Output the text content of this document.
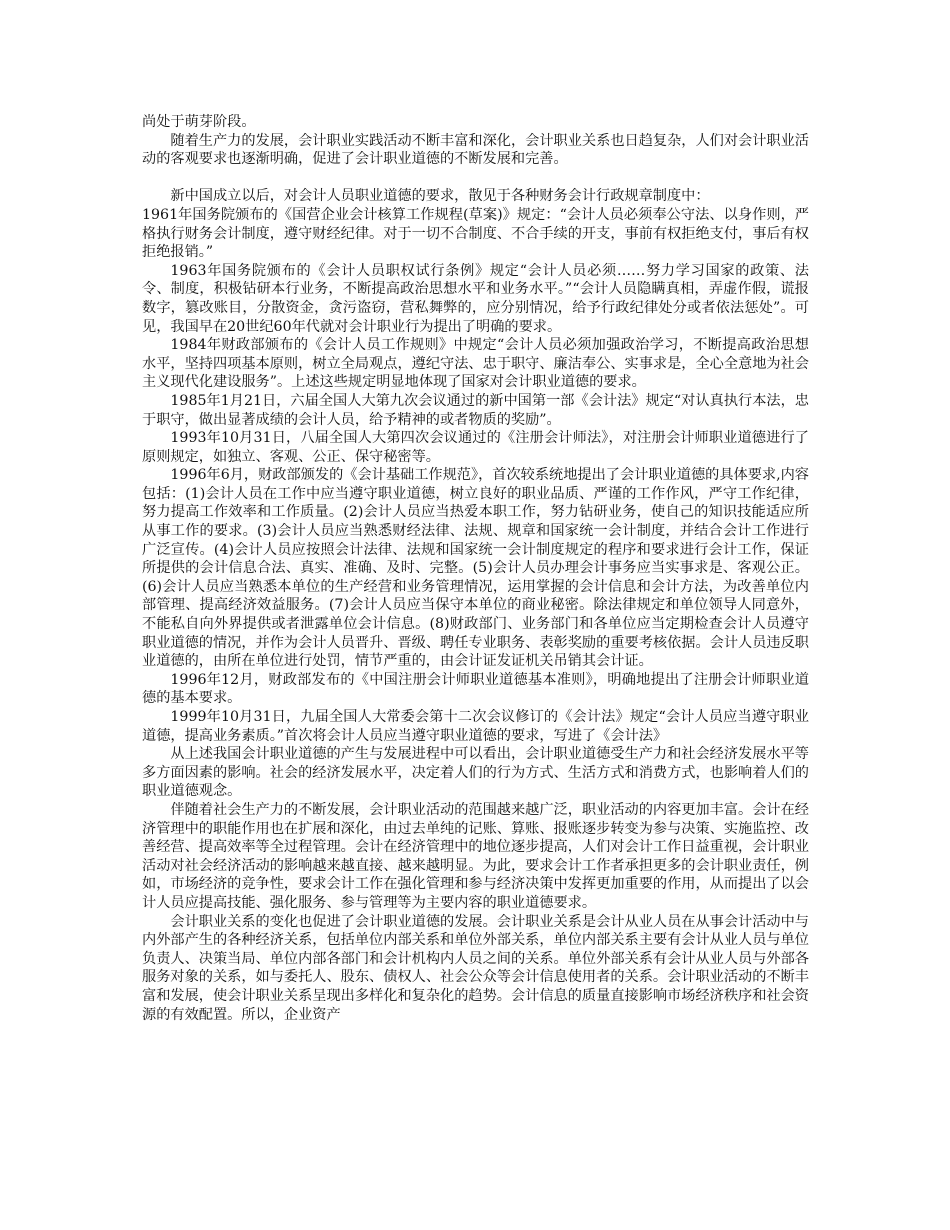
尚处于萌芽阶段。

随着生产力的发展，会计职业实践活动不断丰富和深化，会计职业关系也日趋复杂，人们对会计职业活动的客观要求也逐渐明确，促进了会计职业道德的不断发展和完善。

新中国成立以后，对会计人员职业道德的要求，散见于各种财务会计行政规章制度中：

1961年国务院颁布的《国营企业会计核算工作规程(草案)》规定：“会计人员必须奉公守法、以身作则，严格执行财务会计制度，遵守财经纪律。对于一切不合制度、不合手续的开支，事前有权拒绝支付，事后有权拒绝报销。”

1963年国务院颁布的《会计人员职权试行条例》规定“会计人员必须……努力学习国家的政策、法令、制度，积极钻研本行业务，不断提高政治思想水平和业务水平。”“会计人员隐瞒真相，弄虚作假，谎报数字，篡改账目，分散资金，贪污盗窃，营私舞弊的，应分别情况，给予行政纪律处分或者依法惩处”。可见，我国早在20世纪60年代就对会计职业行为提出了明确的要求。

1984年财政部颁布的《会计人员工作规则》中规定“会计人员必须加强政治学习，不断提高政治思想水平，坚持四项基本原则，树立全局观点，遵纪守法、忠于职守、廉洁奉公、实事求是，全心全意地为社会主义现代化建设服务”。上述这些规定明显地体现了国家对会计职业道德的要求。

1985年1月21日，六届全国人大第九次会议通过的新中国第一部《会计法》规定“对认真执行本法，忠于职守，做出显著成绩的会计人员，给予精神的或者物质的奖励”。

1993年10月31日，八届全国人大第四次会议通过的《注册会计师法》，对注册会计师职业道德进行了原则规定，如独立、客观、公正、保守秘密等。

1996年6月，财政部颁发的《会计基础工作规范》，首次较系统地提出了会计职业道德的具体要求,内容包括：(1)会计人员在工作中应当遵守职业道德，树立良好的职业品质、严谨的工作作风，严守工作纪律，努力提高工作效率和工作质量。(2)会计人员应当热爱本职工作，努力钻研业务，使自己的知识技能适应所从事工作的要求。(3)会计人员应当熟悉财经法律、法规、规章和国家统一会计制度，并结合会计工作进行广泛宣传。(4)会计人员应按照会计法律、法规和国家统一会计制度规定的程序和要求进行会计工作，保证所提供的会计信息合法、真实、准确、及时、完整。(5)会计人员办理会计事务应当实事求是、客观公正。(6)会计人员应当熟悉本单位的生产经营和业务管理情况，运用掌握的会计信息和会计方法，为改善单位内部管理、提高经济效益服务。(7)会计人员应当保守本单位的商业秘密。除法律规定和单位领导人同意外，不能私自向外界提供或者泄露单位会计信息。(8)财政部门、业务部门和各单位应当定期检查会计人员遵守职业道德的情况，并作为会计人员晋升、晋级、聘任专业职务、表彰奖励的重要考核依据。会计人员违反职业道德的，由所在单位进行处罚，情节严重的，由会计证发证机关吊销其会计证。

1996年12月，财政部发布的《中国注册会计师职业道德基本准则》，明确地提出了注册会计师职业道德的基本要求。

1999年10月31日，九届全国人大常委会第十二次会议修订的《会计法》规定“会计人员应当遵守职业道德，提高业务素质。”首次将会计人员应当遵守职业道德的要求，写进了《会计法》

从上述我国会计职业道德的产生与发展进程中可以看出，会计职业道德受生产力和社会经济发展水平等多方面因素的影响。社会的经济发展水平，决定着人们的行为方式、生活方式和消费方式，也影响着人们的职业道德观念。

伴随着社会生产力的不断发展，会计职业活动的范围越来越广泛，职业活动的内容更加丰富。会计在经济管理中的职能作用也在扩展和深化，由过去单纯的记账、算账、报账逐步转变为参与决策、实施监控、改善经营、提高效率等全过程管理。会计在经济管理中的地位逐步提高，人们对会计工作日益重视，会计职业活动对社会经济活动的影响越来越直接、越来越明显。为此，要求会计工作者承担更多的会计职业责任，例如，市场经济的竞争性，要求会计工作在强化管理和参与经济决策中发挥更加重要的作用，从而提出了以会计人员应提高技能、强化服务、参与管理等为主要内容的职业道德要求。

会计职业关系的变化也促进了会计职业道德的发展。会计职业关系是会计从业人员在从事会计活动中与内外部产生的各种经济关系，包括单位内部关系和单位外部关系，单位内部关系主要有会计从业人员与单位负责人、决策当局、单位内部各部门和会计机构内人员之间的关系。单位外部关系有会计从业人员与外部各服务对象的关系，如与委托人、股东、债权人、社会公众等会计信息使用者的关系。会计职业活动的不断丰富和发展，使会计职业关系呈现出多样化和复杂化的趋势。会计信息的质量直接影响市场经济秩序和社会资源的有效配置。所以，企业资产
